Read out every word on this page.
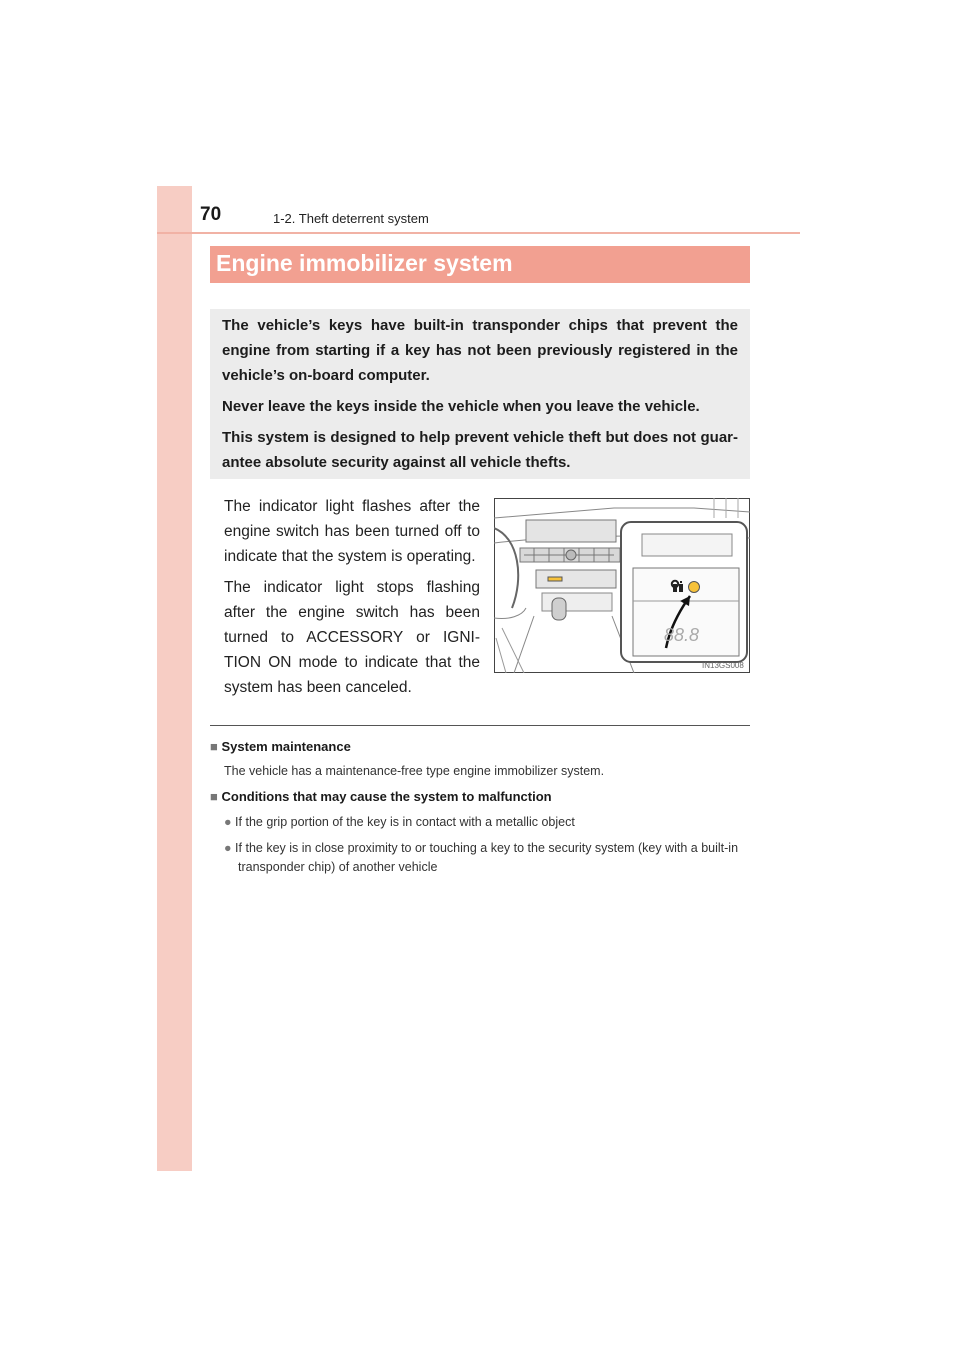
70	1-2. Theft deterrent system
Engine immobilizer system

The vehicle’s keys have built-in transponder chips that prevent the engine from starting if a key has not been previously registered in the vehicle’s on-board computer.

Never leave the keys inside the vehicle when you leave the vehicle.

This system is designed to help prevent vehicle theft but does not guar-antee absolute security against all vehicle thefts.

The indicator light flashes after the engine switch has been turned off to indicate that the system is operating.

The indicator light stops flashing after the engine switch has been turned to ACCESSORY or IGNI-TION ON mode to indicate that the system has been canceled.

88.8
IN13GS008

■ System maintenance

The vehicle has a maintenance-free type engine immobilizer system.

■ Conditions that may cause the system to malfunction

● If the grip portion of the key is in contact with a metallic object
● If the key is in close proximity to or touching a key to the security system (key with a built-in transponder chip) of another vehicle
